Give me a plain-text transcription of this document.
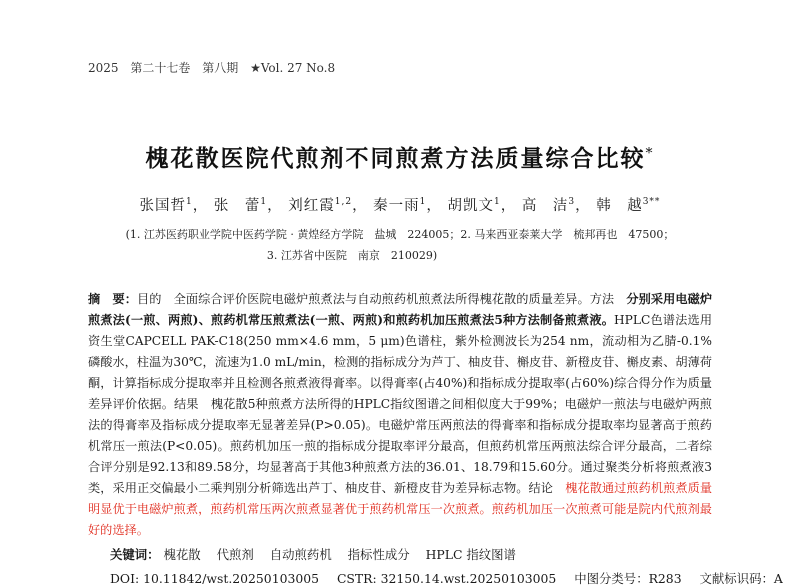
2025 第二十七卷 第八期 ★Vol. 27 No.8
槐花散医院代煎剂不同煎煮方法质量综合比较*
张国哲$^1$， 张　蕾$^1$， 刘红霞$^{1,2}$， 秦一雨$^1$， 胡凯文$^1$， 高　洁$^3$， 韩　越$^{3**}$
(1. 江苏医药职业学院中医药学院 · 黄煌经方学院　盐城　224005；2. 马来西亚泰莱大学　梳邦再也　47500；
3. 江苏省中医院　南京　210029)
摘　要：目的　全面综合评价医院电磁炉煎煮法与自动煎药机煎煮法所得槐花散的质量差异。方法　分别采用电磁炉煎煮法(一煎、两煎)、煎药机常压煎煮法(一煎、两煎)和煎药机加压煎煮法5种方法制备煎煮液。HPLC色谱法选用资生堂CAPCELL PAK-C18(250 mm×4.6 mm，5 μm)色谱柱，紫外检测波长为254 nm，流动相为乙腈-0.1%磷酸水，柱温为30℃，流速为1.0 mL/min，检测的指标成分为芦丁、柚皮苷、槲皮苷、新橙皮苷、槲皮素、胡薄荷酮，计算指标成分提取率并且检测各煎煮液得膏率。以得膏率(占40%)和指标成分提取率(占60%)综合得分作为质量差异评价依据。结果　槐花散5种煎煮方法所得的HPLC指纹图谱之间相似度大于99%；电磁炉一煎法与电磁炉两煎法的得膏率及指标成分提取率无显著差异(P>0.05)。电磁炉常压两煎法的得膏率和指标成分提取率均显著高于煎药机常压一煎法(P<0.05)。煎药机加压一煎的指标成分提取率评分最高，但煎药机常压两煎法综合评分最高，二者综合评分别是92.13和89.58分，均显著高于其他3种煎煮方法的36.01、18.79和15.60分。通过聚类分析将煎煮液3类，采用正交偏最小二乘判别分析筛选出芦丁、柚皮苷、新橙皮苷为差异标志物。结论　槐花散通过煎药机煎煮质量明显优于电磁炉煎煮，煎药机常压两次煎煮显著优于煎药机常压一次煎煮。煎药机加压一次煎煮可能是院内代煎剂最好的选择。
关键词： 槐花散 代煎剂 自动煎药机 指标性成分 HPLC 指纹图谱
DOI: 10.11842/wst.20250103005 CSTR: 32150.14.wst.20250103005 中图分类号：R283 文献标识码：A
